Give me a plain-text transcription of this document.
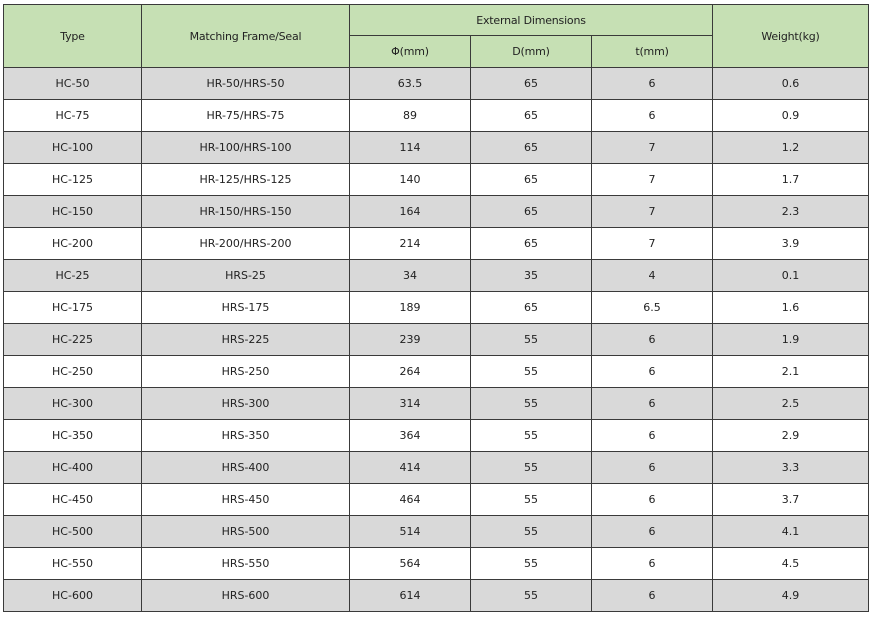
Type	Matching Frame/Seal	External Dimensions			Weight(kg)
		Φ(mm)	D(mm)	t(mm)	
HC-50	HR-50/HRS-50	63.5	65	6	0.6
HC-75	HR-75/HRS-75	89	65	6	0.9
HC-100	HR-100/HRS-100	114	65	7	1.2
HC-125	HR-125/HRS-125	140	65	7	1.7
HC-150	HR-150/HRS-150	164	65	7	2.3
HC-200	HR-200/HRS-200	214	65	7	3.9
HC-25	HRS-25	34	35	4	0.1
HC-175	HRS-175	189	65	6.5	1.6
HC-225	HRS-225	239	55	6	1.9
HC-250	HRS-250	264	55	6	2.1
HC-300	HRS-300	314	55	6	2.5
HC-350	HRS-350	364	55	6	2.9
HC-400	HRS-400	414	55	6	3.3
HC-450	HRS-450	464	55	6	3.7
HC-500	HRS-500	514	55	6	4.1
HC-550	HRS-550	564	55	6	4.5
HC-600	HRS-600	614	55	6	4.9
